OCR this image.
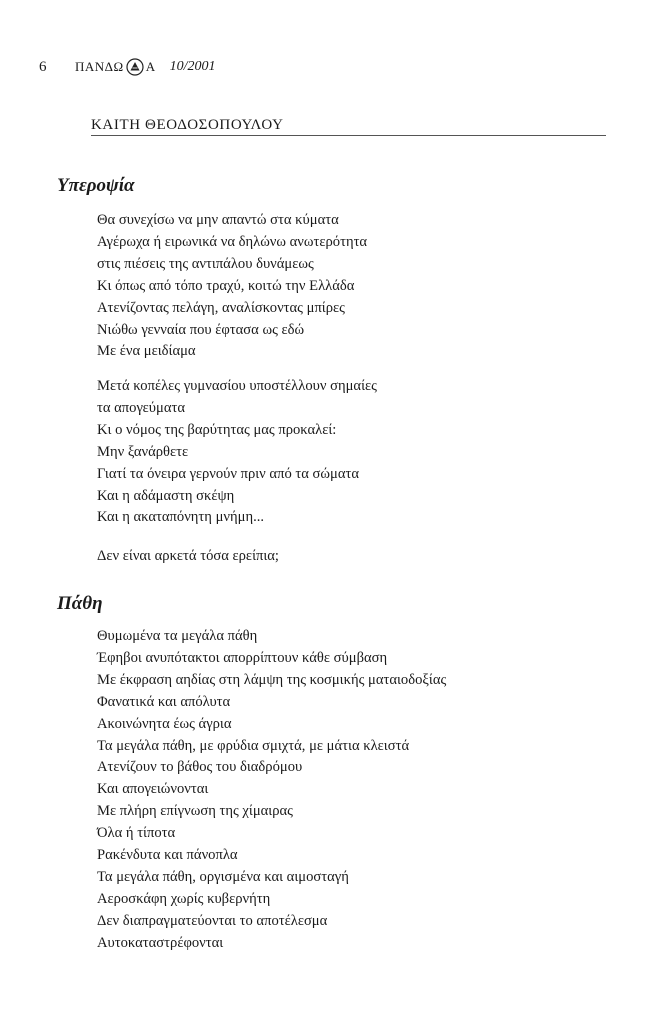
6	ΠΑΝΔΩ Α 10/2001
ΚΑΙΤΗ ΘΕΟΔΟΣΟΠΟΥΛΟΥ
Υπεροψία
Θα συνεχίσω να μην απαντώ στα κύματα
Αγέρωχα ή ειρωνικά να δηλώνω ανωτερότητα
στις πιέσεις της αντιπάλου δυνάμεως
Κι όπως από τόπο τραχύ, κοιτώ την Ελλάδα
Ατενίζοντας πελάγη, αναλίσκοντας μπίρες
Νιώθω γενναία που έφτασα ως εδώ
Με ένα μειδίαμα
Μετά κοπέλες γυμνασίου υποστέλλουν σημαίες
τα απογεύματα
Κι ο νόμος της βαρύτητας μας προκαλεί:
Μην ξανάρθετε
Γιατί τα όνειρα γερνούν πριν από τα σώματα
Και η αδάμαστη σκέψη
Και η ακαταπόνητη μνήμη...
Δεν είναι αρκετά τόσα ερείπια;
Πάθη
Θυμωμένα τα μεγάλα πάθη
Έφηβοι ανυπότακτοι απορρίπτουν κάθε σύμβαση
Με έκφραση αηδίας στη λάμψη της κοσμικής ματαιοδοξίας
Φανατικά και απόλυτα
Ακοινώνητα έως άγρια
Τα μεγάλα πάθη, με φρύδια σμιχτά, με μάτια κλειστά
Ατενίζουν το βάθος του διαδρόμου
Και απογειώνονται
Με πλήρη επίγνωση της χίμαιρας
Όλα ή τίποτα
Ρακένδυτα και πάνοπλα
Τα μεγάλα πάθη, οργισμένα και αιμοσταγή
Αεροσκάφη χωρίς κυβερνήτη
Δεν διαπραγματεύονται το αποτέλεσμα
Αυτοκαταστρέφονται
